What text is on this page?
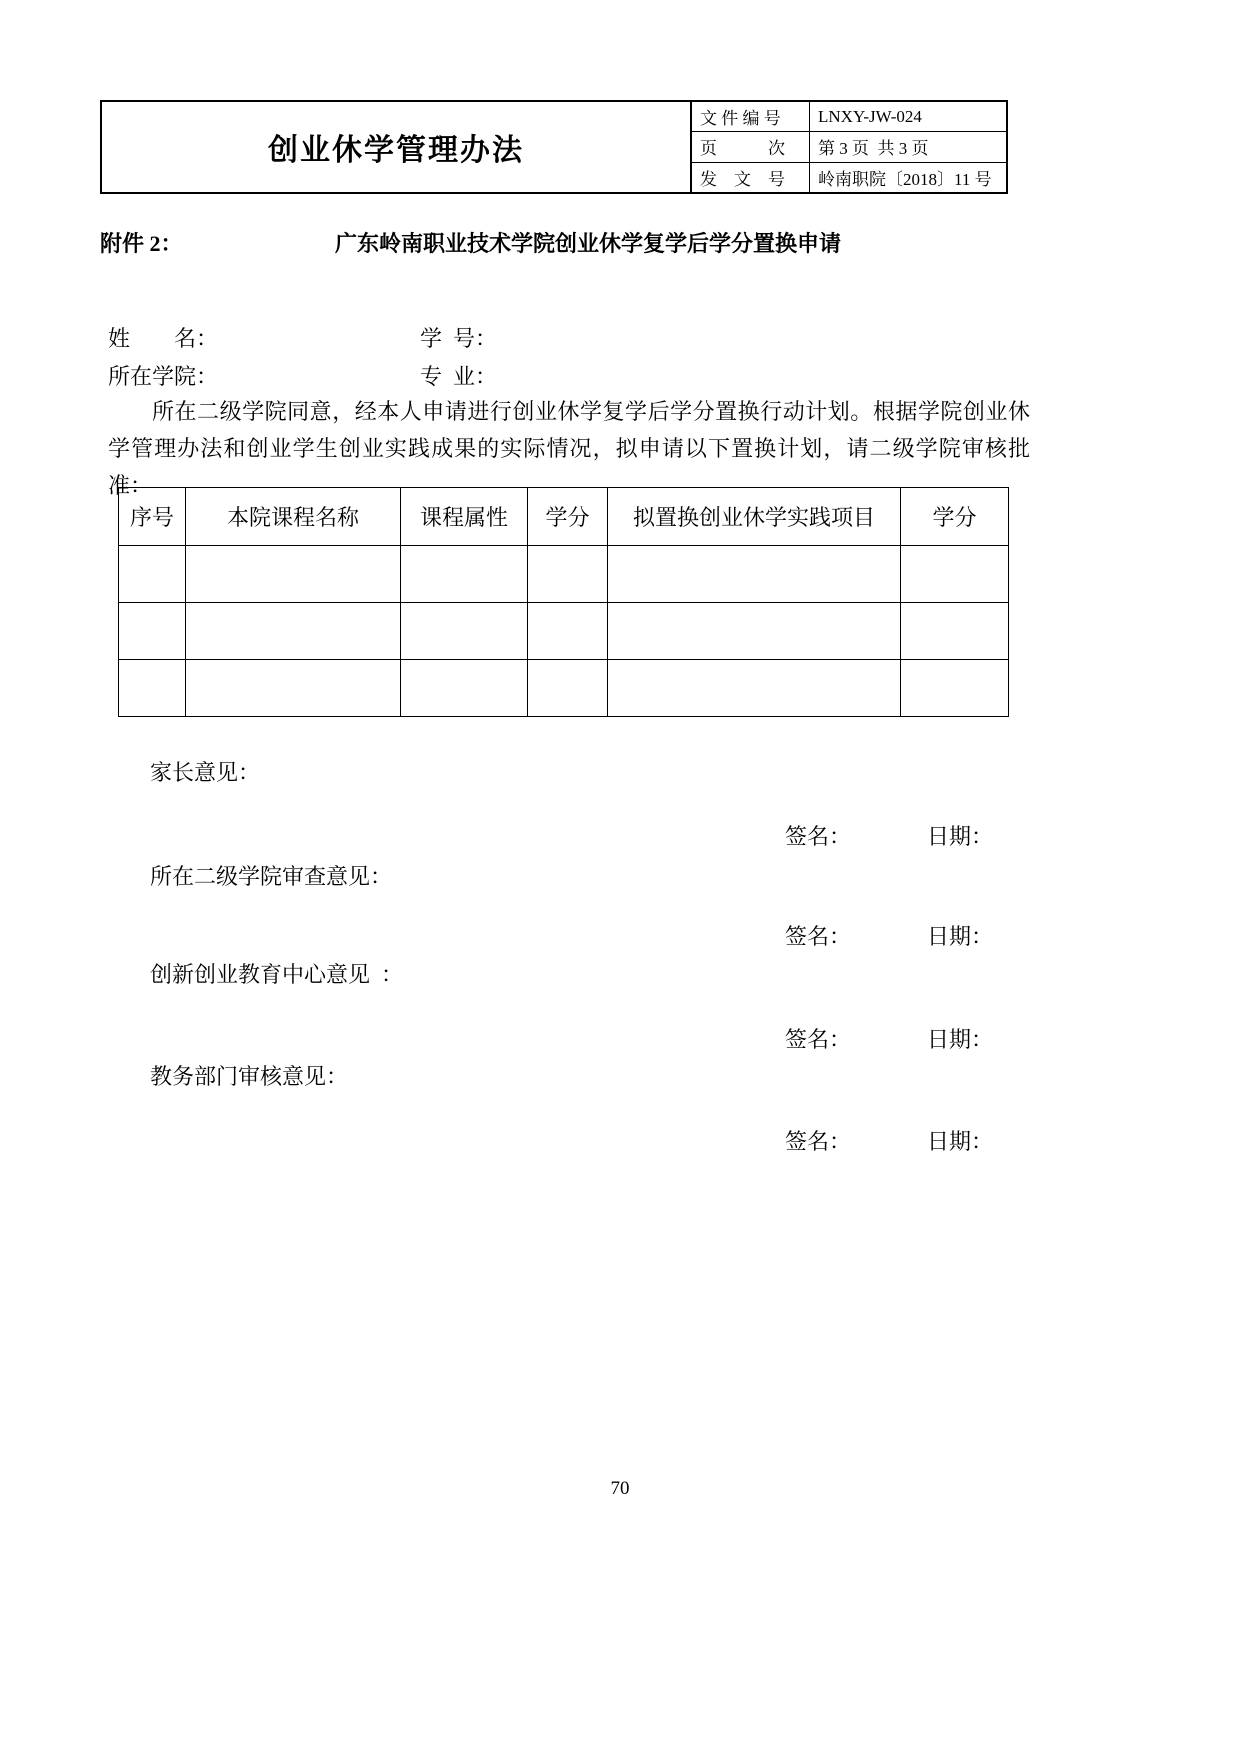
创业休学管理办法
文 件 编 号	LNXY-JW-024
页　　　次	第 3 页  共 3 页
发　文　号	岭南职院〔2018〕11 号
附件 2：	广东岭南职业技术学院创业休学复学后学分置换申请
姓　　名：	学  号：
所在学院：	专  业：
所在二级学院同意，经本人申请进行创业休学复学后学分置换行动计划。根据学院创业休学管理办法和创业学生创业实践成果的实际情况，拟申请以下置换计划，请二级学院审核批准：
序号	本院课程名称	课程属性	学分	拟置换创业休学实践项目	学分

家长意见：
签名：	日期：
所在二级学院审查意见：
签名：	日期：
创新创业教育中心意见  ：
签名：	日期：
教务部门审核意见：
签名：	日期：
70
